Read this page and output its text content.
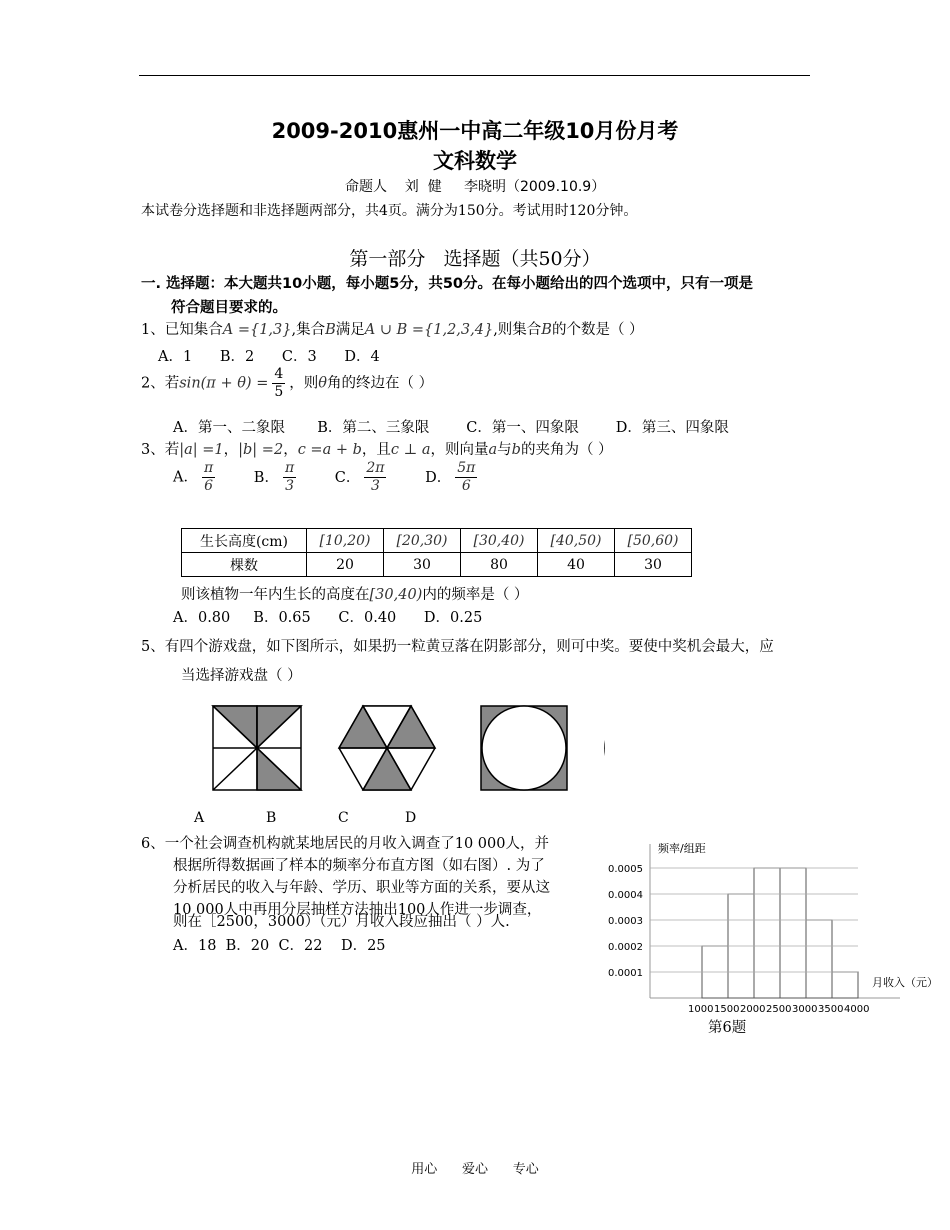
2009-2010惠州一中高二年级10月份月考
文科数学
命题人    刘  健     李晓明（2009.10.9）
本试卷分选择题和非选择题两部分，共4页。满分为150分。考试用时120分钟。
第一部分   选择题（共50分）
一. 选择题：本大题共10小题，每小题5分，共50分。在每小题给出的四个选项中，只有一项是
符合题目要求的。
1、已知集合A ={1,3},集合B满足A ∪ B ={1,2,3,4},则集合B的个数是（ ）
A．1      B．2      C．3      D．4
2、若$\sin(\pi + \theta) = \frac{4}{5}$ ，则θ角的终边在（ ）
A．第一、二象限       B．第二、三象限        C．第一、四象限        D．第三、四象限
3、若|a| =1，|b| =2，c =a + b，且c ⊥ a，则向量a与b的夹角为（ ）
A． $\frac{\pi}{6}$	B． $\frac{\pi}{3}$	C． $\frac{2\pi}{3}$	D． $\frac{5\pi}{6}$
生长高度(cm)	[10,20)	[20,30)	[30,40)	[40,50)	[50,60)
棵数	20	30	80	40	30
则该植物一年内生长的高度在[30,40)内的频率是（ ）
A．0.80     B．0.65      C．0.40      D．0.25
5、有四个游戏盘，如下图所示，如果扔一粒黄豆落在阴影部分，则可中奖。要使中奖机会最大，应
当选择游戏盘（ ）
A	B	C	D
6、一个社会调查机构就某地居民的月收入调查了10 000人，并
根据所得数据画了样本的频率分布直方图（如右图）. 为了
分析居民的收入与年龄、学历、职业等方面的关系，要从这
10 000人中再用分层抽样方法抽出100人作进一步调查，
则在［2500，3000）（元）月收入段应抽出（ ）人.
A．18  B．20  C．22    D．25
频率/组距
月收入（元）
0.0001
0.0002
0.0003
0.0004
0.0005
1000 1500 2000 2500 3000 3500 4000
第6题
用心      爱心      专心
